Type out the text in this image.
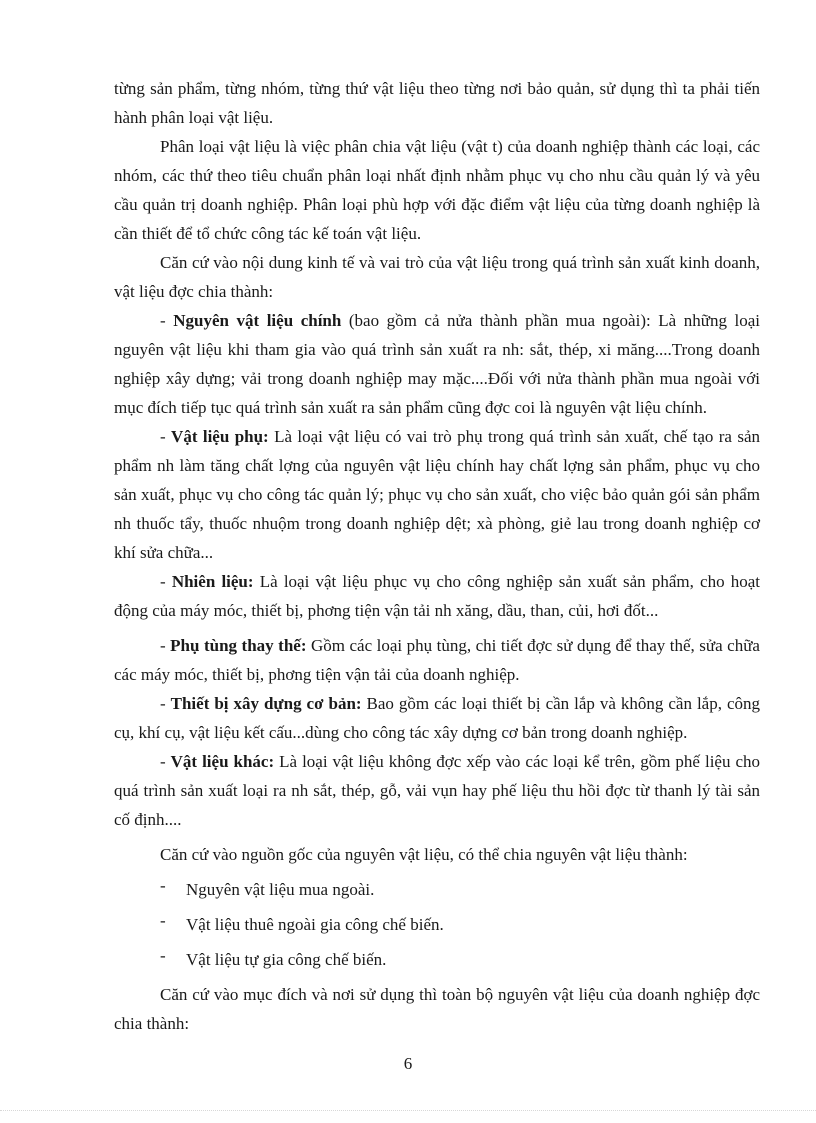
từng sản phẩm, từng nhóm, từng thứ vật liệu theo từng nơi bảo quản, sử dụng thì ta phải tiến hành phân loại vật liệu.

Phân loại vật liệu là việc phân chia vật liệu (vật t) của doanh nghiệp thành các loại, các nhóm, các thứ theo tiêu chuẩn phân loại nhất định nhằm phục vụ cho nhu cầu quản lý và yêu cầu quản trị doanh nghiệp. Phân loại phù hợp với đặc điểm vật liệu của từng doanh nghiệp là cần thiết để tổ chức công tác kế toán vật liệu.

Căn cứ vào nội dung kinh tế và vai trò của vật liệu trong quá trình sản xuất kinh doanh, vật liệu đợc chia thành:

- Nguyên vật liệu chính (bao gồm cả nửa thành phần mua ngoài): Là những loại nguyên vật liệu khi tham gia vào quá trình sản xuất ra nh: sắt, thép, xi măng....Trong doanh nghiệp xây dựng; vải trong doanh nghiệp may mặc....Đối với nửa thành phần mua ngoài với mục đích tiếp tục quá trình sản xuất ra sản phẩm cũng đợc coi là nguyên vật liệu chính.

- Vật liệu phụ: Là loại vật liệu có vai trò phụ trong quá trình sản xuất, chế tạo ra sản phẩm nh làm tăng chất lợng của nguyên vật liệu chính hay chất lợng sản phẩm, phục vụ cho sản xuất, phục vụ cho công tác quản lý; phục vụ cho sản xuất, cho việc bảo quản gói sản phẩm nh thuốc tẩy, thuốc nhuộm trong doanh nghiệp dệt; xà phòng, giẻ lau trong doanh nghiệp cơ khí sửa chữa...

- Nhiên liệu: Là loại vật liệu phục vụ cho công nghiệp sản xuất sản phẩm, cho hoạt động của máy móc, thiết bị, phơng tiện vận tải nh xăng, dầu, than, củi, hơi đốt...

- Phụ tùng thay thế: Gồm các loại phụ tùng, chi tiết đợc sử dụng để thay thế, sửa chữa các máy móc, thiết bị, phơng tiện vận tải của doanh nghiệp.

- Thiết bị xây dựng cơ bản: Bao gồm các loại thiết bị cần lắp và không cần lắp, công cụ, khí cụ, vật liệu kết cấu...dùng cho công tác xây dựng cơ bản trong doanh nghiệp.

- Vật liệu khác: Là loại vật liệu không đợc xếp vào các loại kể trên, gồm phế liệu cho quá trình sản xuất loại ra nh sắt, thép, gỗ, vải vụn hay phế liệu thu hồi đợc từ thanh lý tài sản cố định....

Căn cứ vào nguồn gốc của nguyên vật liệu, có thể chia nguyên vật liệu thành:

- Nguyên vật liệu mua ngoài.
- Vật liệu thuê ngoài gia công chế biến.
- Vật liệu tự gia công chế biến.

Căn cứ vào mục đích và nơi sử dụng thì toàn bộ nguyên vật liệu của doanh nghiệp đợc chia thành:

6
